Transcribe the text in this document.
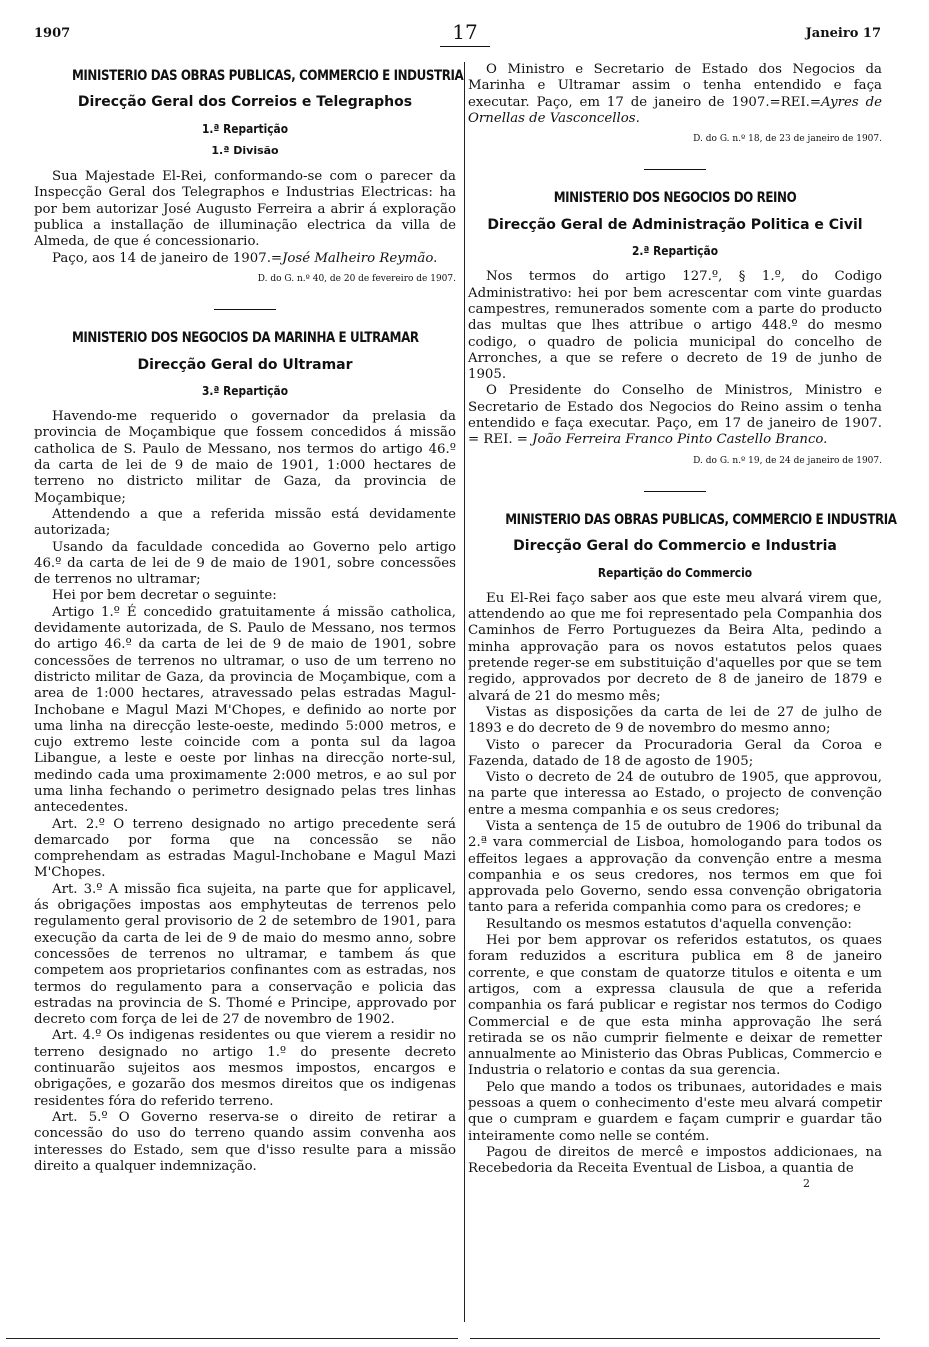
1907	17	Janeiro 17
MINISTERIO DAS OBRAS PUBLICAS, COMMERCIO E INDUSTRIA
Direcção Geral dos Correios e Telegraphos
1.ª Repartição
1.ª Divisão

Sua Majestade El-Rei, conformando-se com o parecer da Inspecção Geral dos Telegraphos e Industrias Electricas: ha por bem autorizar José Augusto Ferreira a abrir á exploração publica a installação de illuminação electrica da villa de Almeda, de que é concessionario.

Paço, aos 14 de janeiro de 1907.=José Malheiro Reymão.

D. do G. n.º 40, de 20 de fevereiro de 1907.

MINISTERIO DOS NEGOCIOS DA MARINHA E ULTRAMAR
Direcção Geral do Ultramar
3.ª Repartição

Havendo-me requerido o governador da prelasia da provincia de Moçambique que fossem concedidos á missão catholica de S. Paulo de Messano, nos termos do artigo 46.º da carta de lei de 9 de maio de 1901, 1:000 hectares de terreno no districto militar de Gaza, da provincia de Moçambique;

Attendendo a que a referida missão está devidamente autorizada;

Usando da faculdade concedida ao Governo pelo artigo 46.º da carta de lei de 9 de maio de 1901, sobre concessões de terrenos no ultramar;

Hei por bem decretar o seguinte:

Artigo 1.º É concedido gratuitamente á missão catholica, devidamente autorizada, de S. Paulo de Messano, nos termos do artigo 46.º da carta de lei de 9 de maio de 1901, sobre concessões de terrenos no ultramar, o uso de um terreno no districto militar de Gaza, da provincia de Moçambique, com a area de 1:000 hectares, atravessado pelas estradas Magul-Inchobane e Magul Mazi M'Chopes, e definido ao norte por uma linha na direcção leste-oeste, medindo 5:000 metros, e cujo extremo leste coincide com a ponta sul da lagoa Libangue, a leste e oeste por linhas na direcção norte-sul, medindo cada uma proximamente 2:000 metros, e ao sul por uma linha fechando o perimetro designado pelas tres linhas antecedentes.

Art. 2.º O terreno designado no artigo precedente será demarcado por forma que na concessão se não comprehendam as estradas Magul-Inchobane e Magul Mazi M'Chopes.

Art. 3.º A missão fica sujeita, na parte que for applicavel, ás obrigações impostas aos emphyteutas de terrenos pelo regulamento geral provisorio de 2 de setembro de 1901, para execução da carta de lei de 9 de maio do mesmo anno, sobre concessões de terrenos no ultramar, e tambem ás que competem aos proprietarios confinantes com as estradas, nos termos do regulamento para a conservação e policia das estradas na provincia de S. Thomé e Principe, approvado por decreto com força de lei de 27 de novembro de 1902.

Art. 4.º Os indigenas residentes ou que vierem a residir no terreno designado no artigo 1.º do presente decreto continuarão sujeitos aos mesmos impostos, encargos e obrigações, e gozarão dos mesmos direitos que os indigenas residentes fóra do referido terreno.

Art. 5.º O Governo reserva-se o direito de retirar a concessão do uso do terreno quando assim convenha aos interesses do Estado, sem que d'isso resulte para a missão direito a qualquer indemnização.

O Ministro e Secretario de Estado dos Negocios da Marinha e Ultramar assim o tenha entendido e faça executar. Paço, em 17 de janeiro de 1907.=REI.=Ayres de Ornellas de Vasconcellos.

D. do G. n.º 18, de 23 de janeiro de 1907.

MINISTERIO DOS NEGOCIOS DO REINO
Direcção Geral de Administração Politica e Civil
2.ª Repartição

Nos termos do artigo 127.º, § 1.º, do Codigo Administrativo: hei por bem acrescentar com vinte guardas campestres, remunerados somente com a parte do producto das multas que lhes attribue o artigo 448.º do mesmo codigo, o quadro de policia municipal do concelho de Arronches, a que se refere o decreto de 19 de junho de 1905.

O Presidente do Conselho de Ministros, Ministro e Secretario de Estado dos Negocios do Reino assim o tenha entendido e faça executar. Paço, em 17 de janeiro de 1907. = REI. = João Ferreira Franco Pinto Castello Branco.

D. do G. n.º 19, de 24 de janeiro de 1907.

MINISTERIO DAS OBRAS PUBLICAS, COMMERCIO E INDUSTRIA
Direcção Geral do Commercio e Industria
Repartição do Commercio

Eu El-Rei faço saber aos que este meu alvará virem que, attendendo ao que me foi representado pela Companhia dos Caminhos de Ferro Portuguezes da Beira Alta, pedindo a minha approvação para os novos estatutos pelos quaes pretende reger-se em substituição d'aquelles por que se tem regido, approvados por decreto de 8 de janeiro de 1879 e alvará de 21 do mesmo mês;

Vistas as disposições da carta de lei de 27 de julho de 1893 e do decreto de 9 de novembro do mesmo anno;

Visto o parecer da Procuradoria Geral da Coroa e Fazenda, datado de 18 de agosto de 1905;

Visto o decreto de 24 de outubro de 1905, que approvou, na parte que interessa ao Estado, o projecto de convenção entre a mesma companhia e os seus credores;

Vista a sentença de 15 de outubro de 1906 do tribunal da 2.ª vara commercial de Lisboa, homologando para todos os effeitos legaes a approvação da convenção entre a mesma companhia e os seus credores, nos termos em que foi approvada pelo Governo, sendo essa convenção obrigatoria tanto para a referida companhia como para os credores; e

Resultando os mesmos estatutos d'aquella convenção:

Hei por bem approvar os referidos estatutos, os quaes foram reduzidos a escritura publica em 8 de janeiro corrente, e que constam de quatorze titulos e oitenta e um artigos, com a expressa clausula de que a referida companhia os fará publicar e registar nos termos do Codigo Commercial e de que esta minha approvação lhe será retirada se os não cumprir fielmente e deixar de remetter annualmente ao Ministerio das Obras Publicas, Commercio e Industria o relatorio e contas da sua gerencia.

Pelo que mando a todos os tribunaes, autoridades e mais pessoas a quem o conhecimento d'este meu alvará competir que o cumpram e guardem e façam cumprir e guardar tão inteiramente como nelle se contém.

Pagou de direitos de mercê e impostos addicionaes, na Recebedoria da Receita Eventual de Lisboa, a quantia de

2
